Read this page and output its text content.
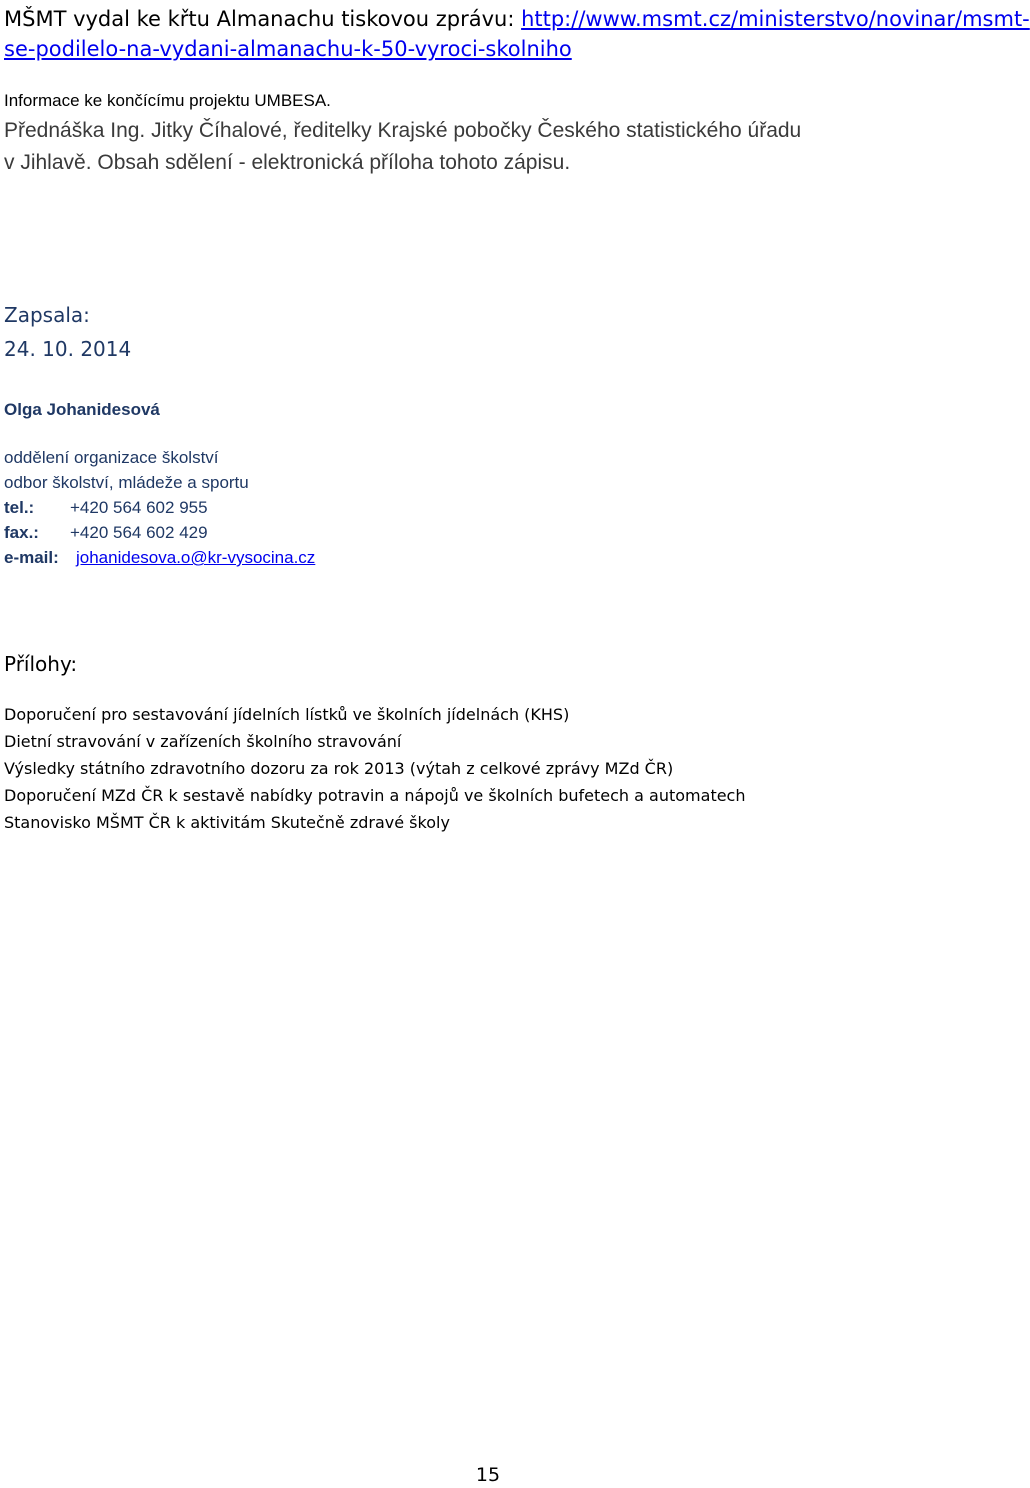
MŠMT vydal ke křtu Almanachu tiskovou zprávu: http://www.msmt.cz/ministerstvo/novinar/msmt-
se-podilelo-na-vydani-almanachu-k-50-vyroci-skolniho
Informace ke končícímu projektu UMBESA.
Přednáška Ing. Jitky Číhalové, ředitelky Krajské pobočky Českého statistického úřadu
v Jihlavě. Obsah sdělení - elektronická příloha tohoto zápisu.
Zapsala:
24. 10. 2014
Olga Johanidesová
oddělení organizace školství
odbor školství, mládeže a sportu
tel.: +420 564 602 955
fax.: +420 564 602 429
e-mail: johanidesova.o@kr-vysocina.cz
Přílohy:
Doporučení pro sestavování jídelních lístků ve školních jídelnách (KHS)
Dietní stravování v zařízeních školního stravování
Výsledky státního zdravotního dozoru za rok 2013 (výtah z celkové zprávy MZd ČR)
Doporučení MZd ČR k sestavě nabídky potravin a nápojů ve školních bufetech a automatech
Stanovisko MŠMT ČR k aktivitám Skutečně zdravé školy
15
